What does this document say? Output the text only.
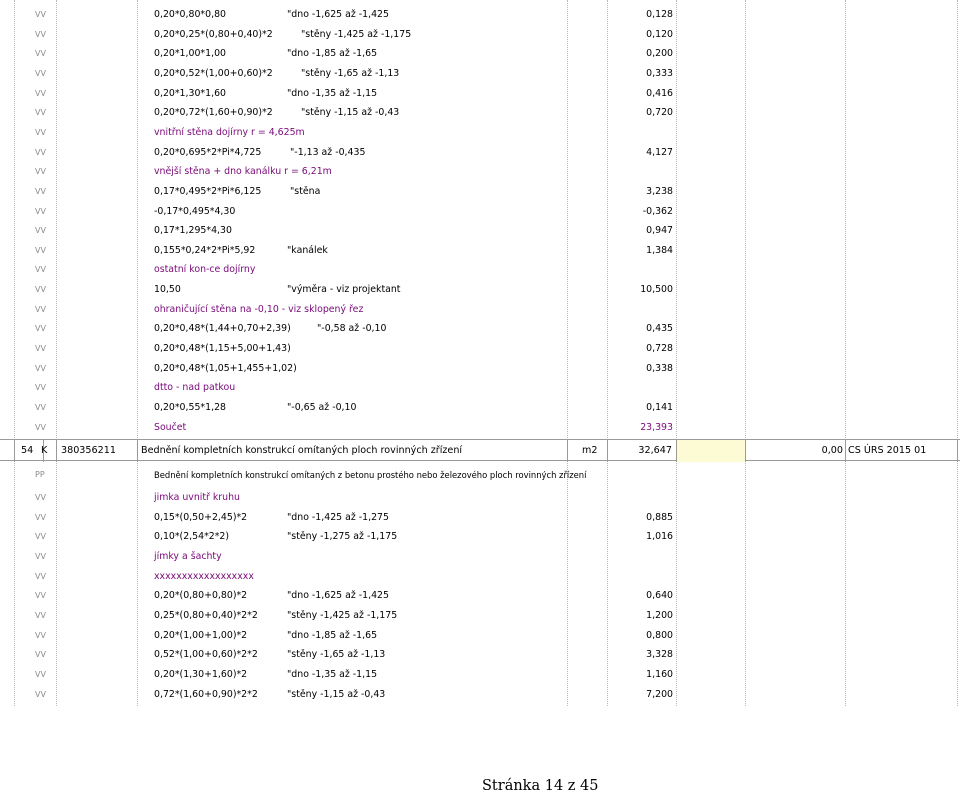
VV	0,20*0,80*0,80	"dno -1,625 až -1,425	0,128
VV	0,20*0,25*(0,80+0,40)*2	"stěny -1,425 až -1,175	0,120
VV	0,20*1,00*1,00	"dno -1,85 až -1,65	0,200
VV	0,20*0,52*(1,00+0,60)*2	"stěny -1,65 až -1,13	0,333
VV	0,20*1,30*1,60	"dno -1,35 až -1,15	0,416
VV	0,20*0,72*(1,60+0,90)*2	"stěny -1,15 až -0,43	0,720
VV	vnitřní stěna dojírny r = 4,625m
VV	0,20*0,695*2*Pi*4,725	"-1,13 až -0,435	4,127
VV	vnější stěna + dno kanálku r = 6,21m
VV	0,17*0,495*2*Pi*6,125	"stěna	3,238
VV	-0,17*0,495*4,30	-0,362
VV	0,17*1,295*4,30	0,947
VV	0,155*0,24*2*Pi*5,92	"kanálek	1,384
VV	ostatní kon-ce dojírny
VV	10,50	"výměra - viz projektant	10,500
VV	ohraničující stěna na -0,10 - viz sklopený řez
VV	0,20*0,48*(1,44+0,70+2,39)	"-0,58 až -0,10	0,435
VV	0,20*0,48*(1,15+5,00+1,43)	0,728
VV	0,20*0,48*(1,05+1,455+1,02)	0,338
VV	dtto - nad patkou
VV	0,20*0,55*1,28	"-0,65 až -0,10	0,141
VV	Součet	23,393
54 K 380356211	Bednění kompletních konstrukcí omítaných ploch rovinných zřízení	m2	32,647	0,00 CS ÚRS 2015 01
PP	Bednění kompletních konstrukcí omítaných z betonu prostého nebo železového ploch rovinných zřízení
VV	jimka uvnitř kruhu
VV	0,15*(0,50+2,45)*2	"dno -1,425 až -1,275	0,885
VV	0,10*(2,54*2*2)	"stěny -1,275 až -1,175	1,016
VV	jímky a šachty
VV	xxxxxxxxxxxxxxxxxx
VV	0,20*(0,80+0,80)*2	"dno -1,625 až -1,425	0,640
VV	0,25*(0,80+0,40)*2*2	"stěny -1,425 až -1,175	1,200
VV	0,20*(1,00+1,00)*2	"dno -1,85 až -1,65	0,800
VV	0,52*(1,00+0,60)*2*2	"stěny -1,65 až -1,13	3,328
VV	0,20*(1,30+1,60)*2	"dno -1,35 až -1,15	1,160
VV	0,72*(1,60+0,90)*2*2	"stěny -1,15 až -0,43	7,200
Stránka 14 z 45
